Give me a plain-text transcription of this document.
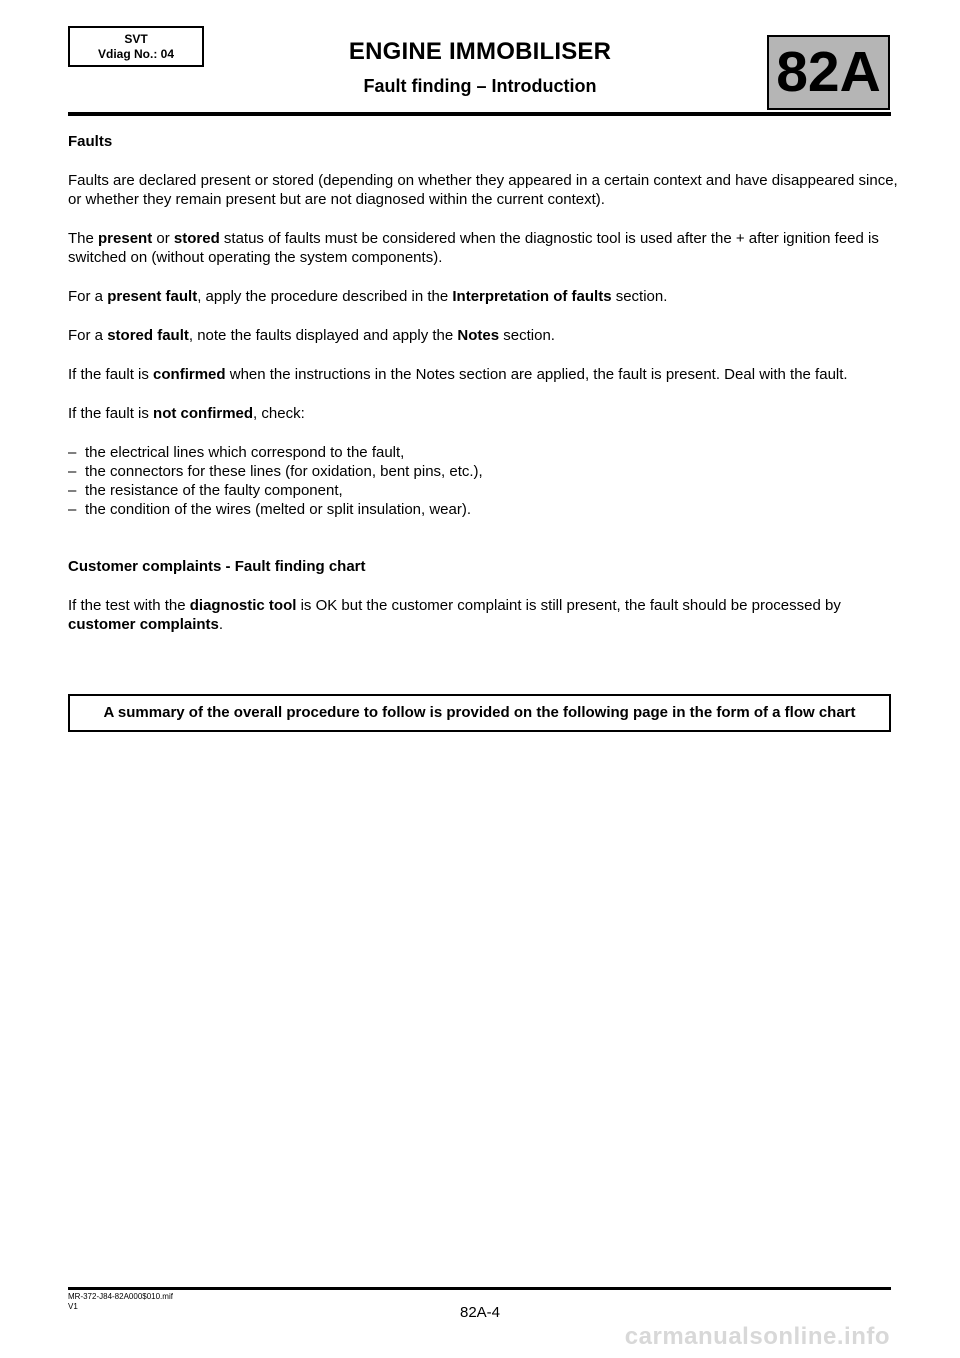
SVT
Vdiag No.: 04	ENGINE IMMOBILISER
Fault finding – Introduction	82A

Faults

Faults are declared present or stored (depending on whether they appeared in a certain context and have disappeared since, or whether they remain present but are not diagnosed within the current context).

The present or stored status of faults must be considered when the diagnostic tool is used after the + after ignition feed is switched on (without operating the system components).

For a present fault, apply the procedure described in the Interpretation of faults section.

For a stored fault, note the faults displayed and apply the Notes section.

If the fault is confirmed when the instructions in the Notes section are applied, the fault is present. Deal with the fault.

If the fault is not confirmed, check:

– the electrical lines which correspond to the fault,
– the connectors for these lines (for oxidation, bent pins, etc.),
– the resistance of the faulty component,
– the condition of the wires (melted or split insulation, wear).

Customer complaints - Fault finding chart

If the test with the diagnostic tool is OK but the customer complaint is still present, the fault should be processed by customer complaints.

A summary of the overall procedure to follow is provided on the following page in the form of a flow chart
MR-372-J84-82A000$010.mif
V1	82A-4
carmanualsonline.info
